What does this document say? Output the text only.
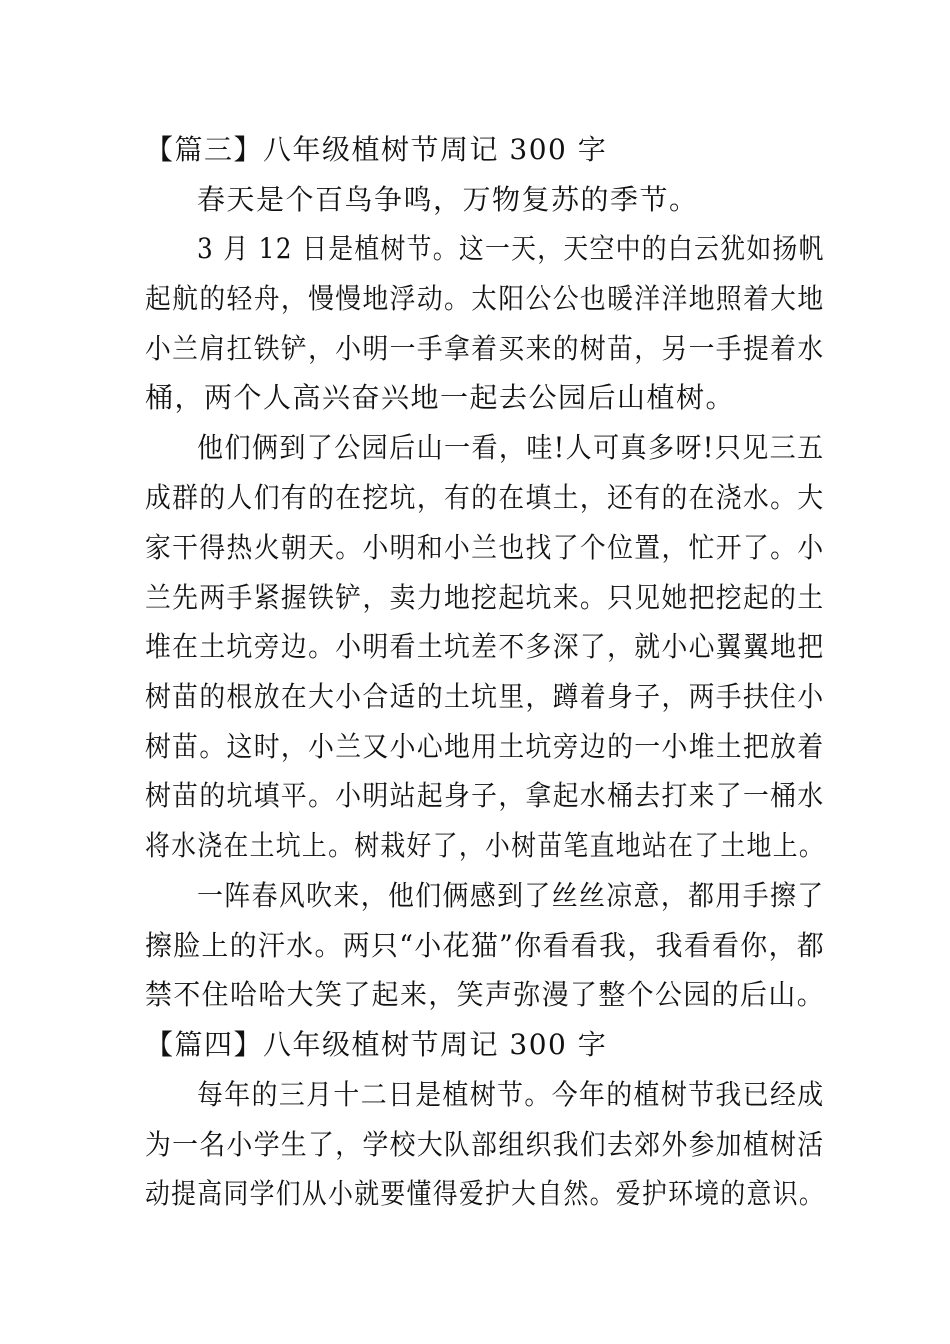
【篇三】八年级植树节周记 300 字
春天是个百鸟争鸣，万物复苏的季节。
3 月 12 日是植树节。这一天，天空中的白云犹如扬帆
起航的轻舟，慢慢地浮动。太阳公公也暖洋洋地照着大地
小兰肩扛铁铲，小明一手拿着买来的树苗，另一手提着水
桶，两个人高兴奋兴地一起去公园后山植树。
他们俩到了公园后山一看，哇!人可真多呀!只见三五
成群的人们有的在挖坑，有的在填土，还有的在浇水。大
家干得热火朝天。小明和小兰也找了个位置，忙开了。小
兰先两手紧握铁铲，卖力地挖起坑来。只见她把挖起的土
堆在土坑旁边。小明看土坑差不多深了，就小心翼翼地把
树苗的根放在大小合适的土坑里，蹲着身子，两手扶住小
树苗。这时，小兰又小心地用土坑旁边的一小堆土把放着
树苗的坑填平。小明站起身子，拿起水桶去打来了一桶水
将水浇在土坑上。树栽好了，小树苗笔直地站在了土地上。
一阵春风吹来，他们俩感到了丝丝凉意，都用手擦了
擦脸上的汗水。两只“小花猫”你看看我，我看看你，都
禁不住哈哈大笑了起来，笑声弥漫了整个公园的后山。
【篇四】八年级植树节周记 300 字
每年的三月十二日是植树节。今年的植树节我已经成
为一名小学生了，学校大队部组织我们去郊外参加植树活
动提高同学们从小就要懂得爱护大自然。爱护环境的意识。
